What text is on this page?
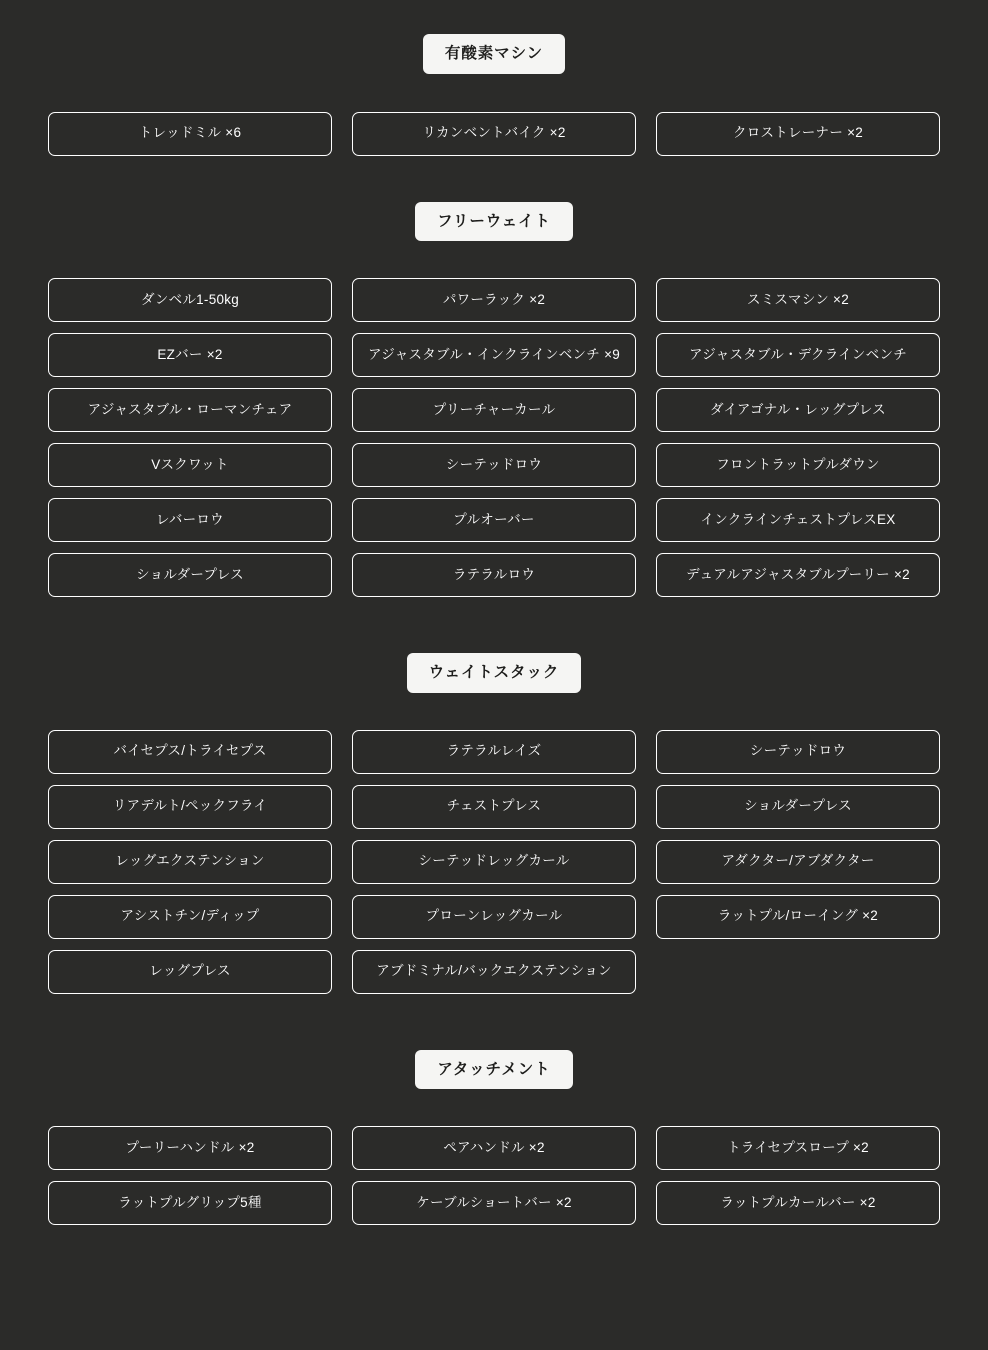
有酸素マシン
トレッドミル ×6	リカンベントバイク ×2	クロストレーナー ×2
フリーウェイト
ダンベル1-50kg	パワーラック ×2	スミスマシン ×2
EZバー ×2	アジャスタブル・インクラインベンチ ×9	アジャスタブル・デクラインベンチ
アジャスタブル・ローマンチェア	プリーチャーカール	ダイアゴナル・レッグプレス
Vスクワット	シーテッドロウ	フロントラットプルダウン
レバーロウ	プルオーバー	インクラインチェストプレスEX
ショルダープレス	ラテラルロウ	デュアルアジャスタブルプーリー ×2
ウェイトスタック
バイセプス/トライセプス	ラテラルレイズ	シーテッドロウ
リアデルト/ペックフライ	チェストプレス	ショルダープレス
レッグエクステンション	シーテッドレッグカール	アダクター/アブダクター
アシストチン/ディップ	プローンレッグカール	ラットプル/ローイング ×2
レッグプレス	アブドミナル/バックエクステンション
アタッチメント
プーリーハンドル ×2	ペアハンドル ×2	トライセプスロープ ×2
ラットプルグリップ5種	ケーブルショートバー ×2	ラットプルカールバー ×2
